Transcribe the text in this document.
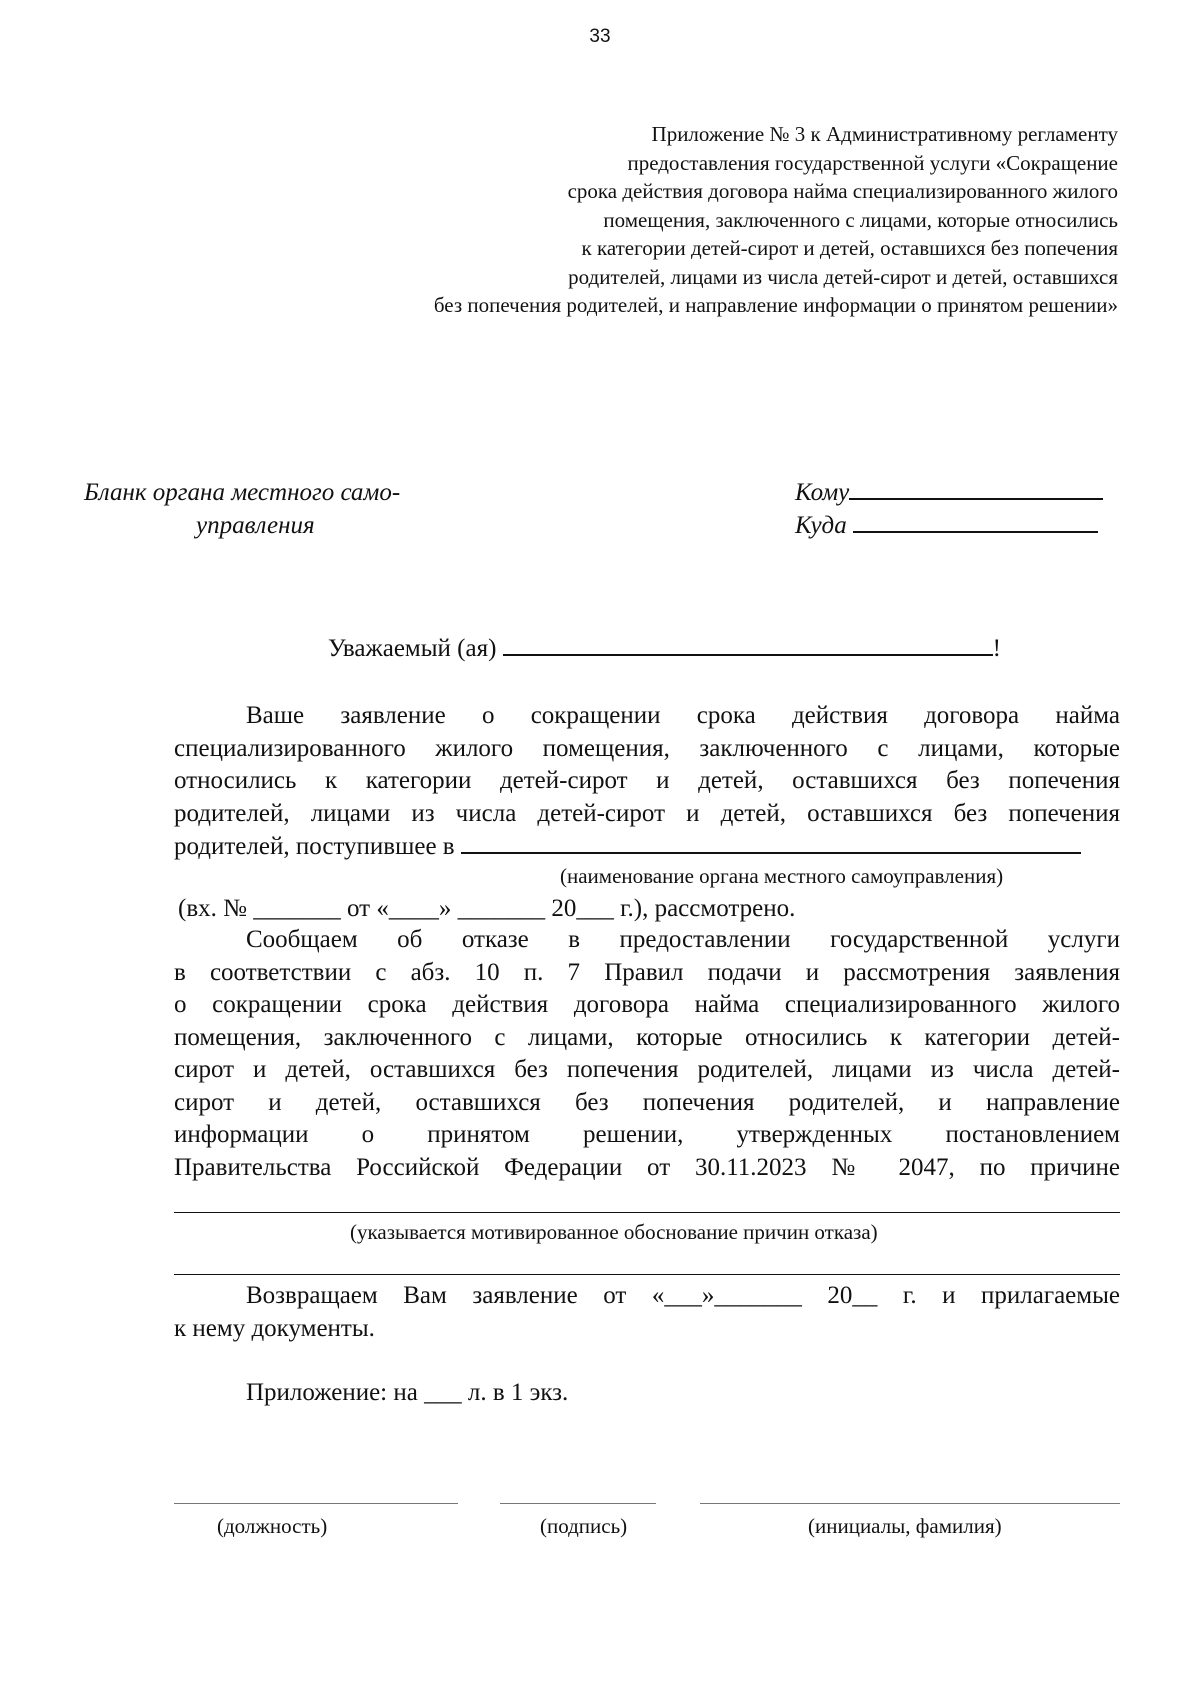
33
Приложение № 3 к Административному регламенту
предоставления государственной услуги «Сокращение
срока действия договора найма специализированного жилого
помещения, заключенного с лицами, которые относились
к категории детей-сирот и детей, оставшихся без попечения
родителей, лицами из числа детей-сирот и детей, оставшихся
без попечения родителей, и направление информации о принятом решении»
Бланк органа местного само-
управления
Кому
Куда
Уважаемый (ая)	!
Ваше заявление о сокращении срока действия договора найма
специализированного жилого помещения, заключенного с лицами, которые
относились к категории детей-сирот и детей, оставшихся без попечения
родителей, лицами из числа детей-сирот и детей, оставшихся без попечения
родителей, поступившее в
(наименование органа местного самоуправления)
(вх. № _______ от «____» _______ 20___ г.), рассмотрено.
Сообщаем об отказе в предоставлении государственной услуги
в соответствии с абз. 10 п. 7 Правил подачи и рассмотрения заявления
о сокращении срока действия договора найма специализированного жилого
помещения, заключенного с лицами, которые относились к категории детей-
сирот и детей, оставшихся без попечения родителей, лицами из числа детей-
сирот и детей, оставшихся без попечения родителей, и направление
информации о принятом решении, утвержденных постановлением
Правительства Российской Федерации от 30.11.2023 № 2047, по причине
(указывается мотивированное обоснование причин отказа)
Возвращаем Вам заявление от «___»_______ 20__ г. и прилагаемые
к нему документы.
Приложение: на ___ л. в 1 экз.
(должность)	(подпись)	(инициалы, фамилия)
